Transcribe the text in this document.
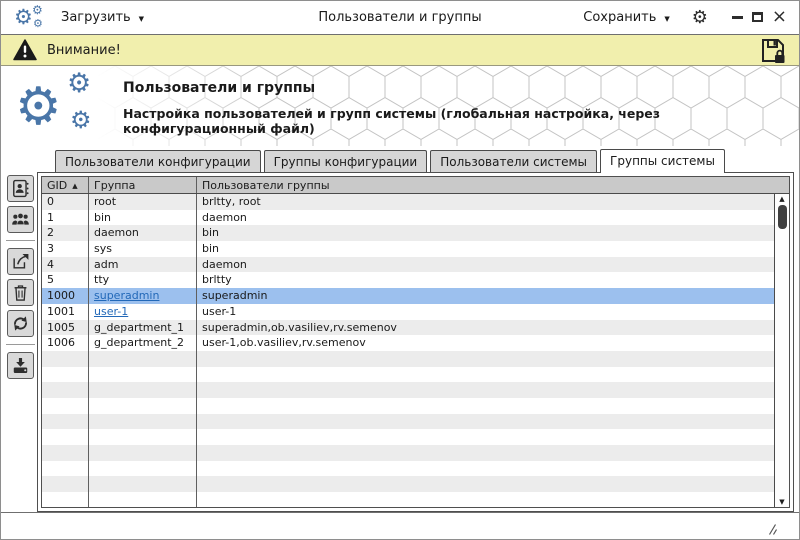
⚙ ⚙
⚙ Загрузить ▼	Пользователи и группы	Сохранить ▼ ⚙	×
Внимание!
⚙ ⚙
⚙
Пользователи и группы
Настройка пользователей и групп системы (глобальная настройка, через конфигурационный файл)
Пользователи конфигурации	Группы конфигурации	Пользователи системы	Группы системы
GID ▲ Группа	Пользователи группы
0	root	brltty, root
1	bin	daemon
2	daemon	bin
3	sys	bin
4	adm	daemon
5	tty	brltty
1000	superadmin	superadmin
1001	user-1	user-1
1005	g_department_1	superadmin,ob.vasiliev,rv.semenov
1006	g_department_2	user-1,ob.vasiliev,rv.semenov
▲
▼
